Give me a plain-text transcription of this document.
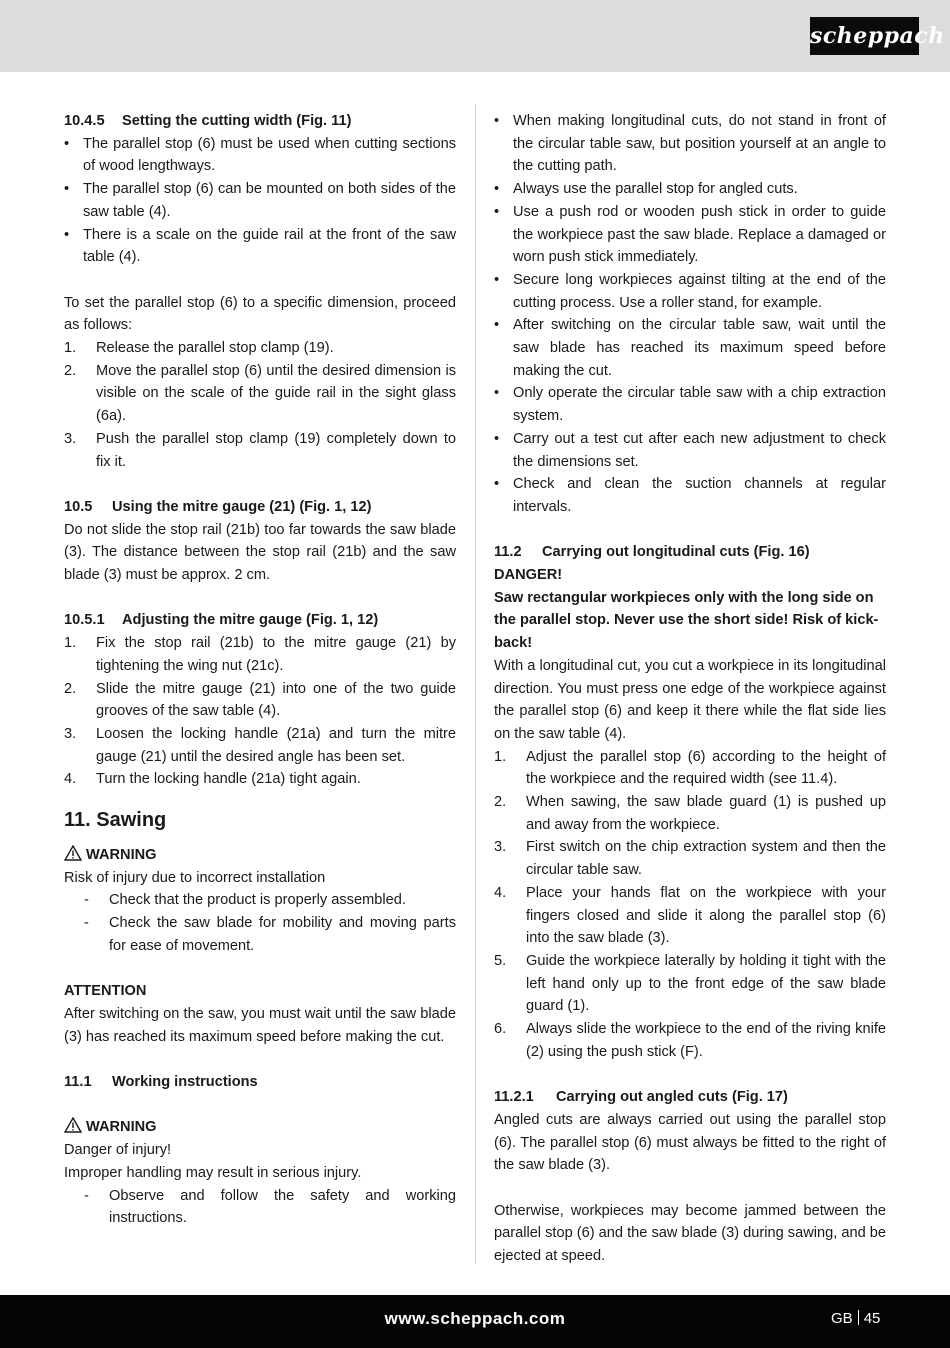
scheppach

10.4.5 Setting the cutting width (Fig. 11)

• The parallel stop (6) must be used when cutting sections of wood lengthways.

• The parallel stop (6) can be mounted on both sides of the saw table (4).

• There is a scale on the guide rail at the front of the saw table (4).

To set the parallel stop (6) to a specific dimension, proceed as follows:

1. Release the parallel stop clamp (19).

2. Move the parallel stop (6) until the desired dimension is visible on the scale of the guide rail in the sight glass (6a).

3. Push the parallel stop clamp (19) completely down to fix it.

10.5 Using the mitre gauge (21) (Fig. 1, 12)

Do not slide the stop rail (21b) too far towards the saw blade (3). The distance between the stop rail (21b) and the saw blade (3) must be approx. 2 cm.

10.5.1 Adjusting the mitre gauge (Fig. 1, 12)

1. Fix the stop rail (21b) to the mitre gauge (21) by tightening the wing nut (21c).

2. Slide the mitre gauge (21) into one of the two guide grooves of the saw table (4).

3. Loosen the locking handle (21a) and turn the mitre gauge (21) until the desired angle has been set.

4. Turn the locking handle (21a) tight again.

11. Sawing

WARNING

Risk of injury due to incorrect installation

- Check that the product is properly assembled.

- Check the saw blade for mobility and moving parts for ease of movement.

ATTENTION

After switching on the saw, you must wait until the saw blade (3) has reached its maximum speed before making the cut.

11.1 Working instructions

WARNING

Danger of injury!

Improper handling may result in serious injury.

- Observe and follow the safety and working instructions.

• When making longitudinal cuts, do not stand in front of the circular table saw, but position yourself at an angle to the cutting path.

• Always use the parallel stop for angled cuts.

• Use a push rod or wooden push stick in order to guide the workpiece past the saw blade. Replace a damaged or worn push stick immediately.

• Secure long workpieces against tilting at the end of the cutting process. Use a roller stand, for example.

• After switching on the circular table saw, wait until the saw blade has reached its maximum speed before making the cut.

• Only operate the circular table saw with a chip extraction system.

• Carry out a test cut after each new adjustment to check the dimensions set.

• Check and clean the suction channels at regular intervals.

11.2 Carrying out longitudinal cuts (Fig. 16)

DANGER!

Saw rectangular workpieces only with the long side on the parallel stop. Never use the short side! Risk of kick-back!

With a longitudinal cut, you cut a workpiece in its longitudinal direction. You must press one edge of the workpiece against the parallel stop (6) and keep it there while the flat side lies on the saw table (4).

1. Adjust the parallel stop (6) according to the height of the workpiece and the required width (see 11.4).

2. When sawing, the saw blade guard (1) is pushed up and away from the workpiece.

3. First switch on the chip extraction system and then the circular table saw.

4. Place your hands flat on the workpiece with your fingers closed and slide it along the parallel stop (6) into the saw blade (3).

5. Guide the workpiece laterally by holding it tight with the left hand only up to the front edge of the saw blade guard (1).

6. Always slide the workpiece to the end of the riving knife (2) using the push stick (F).

11.2.1 Carrying out angled cuts (Fig. 17)

Angled cuts are always carried out using the parallel stop (6). The parallel stop (6) must always be fitted to the right of the saw blade (3).

Otherwise, workpieces may become jammed between the parallel stop (6) and the saw blade (3) during sawing, and be ejected at speed.

www.scheppach.com	GB 45
